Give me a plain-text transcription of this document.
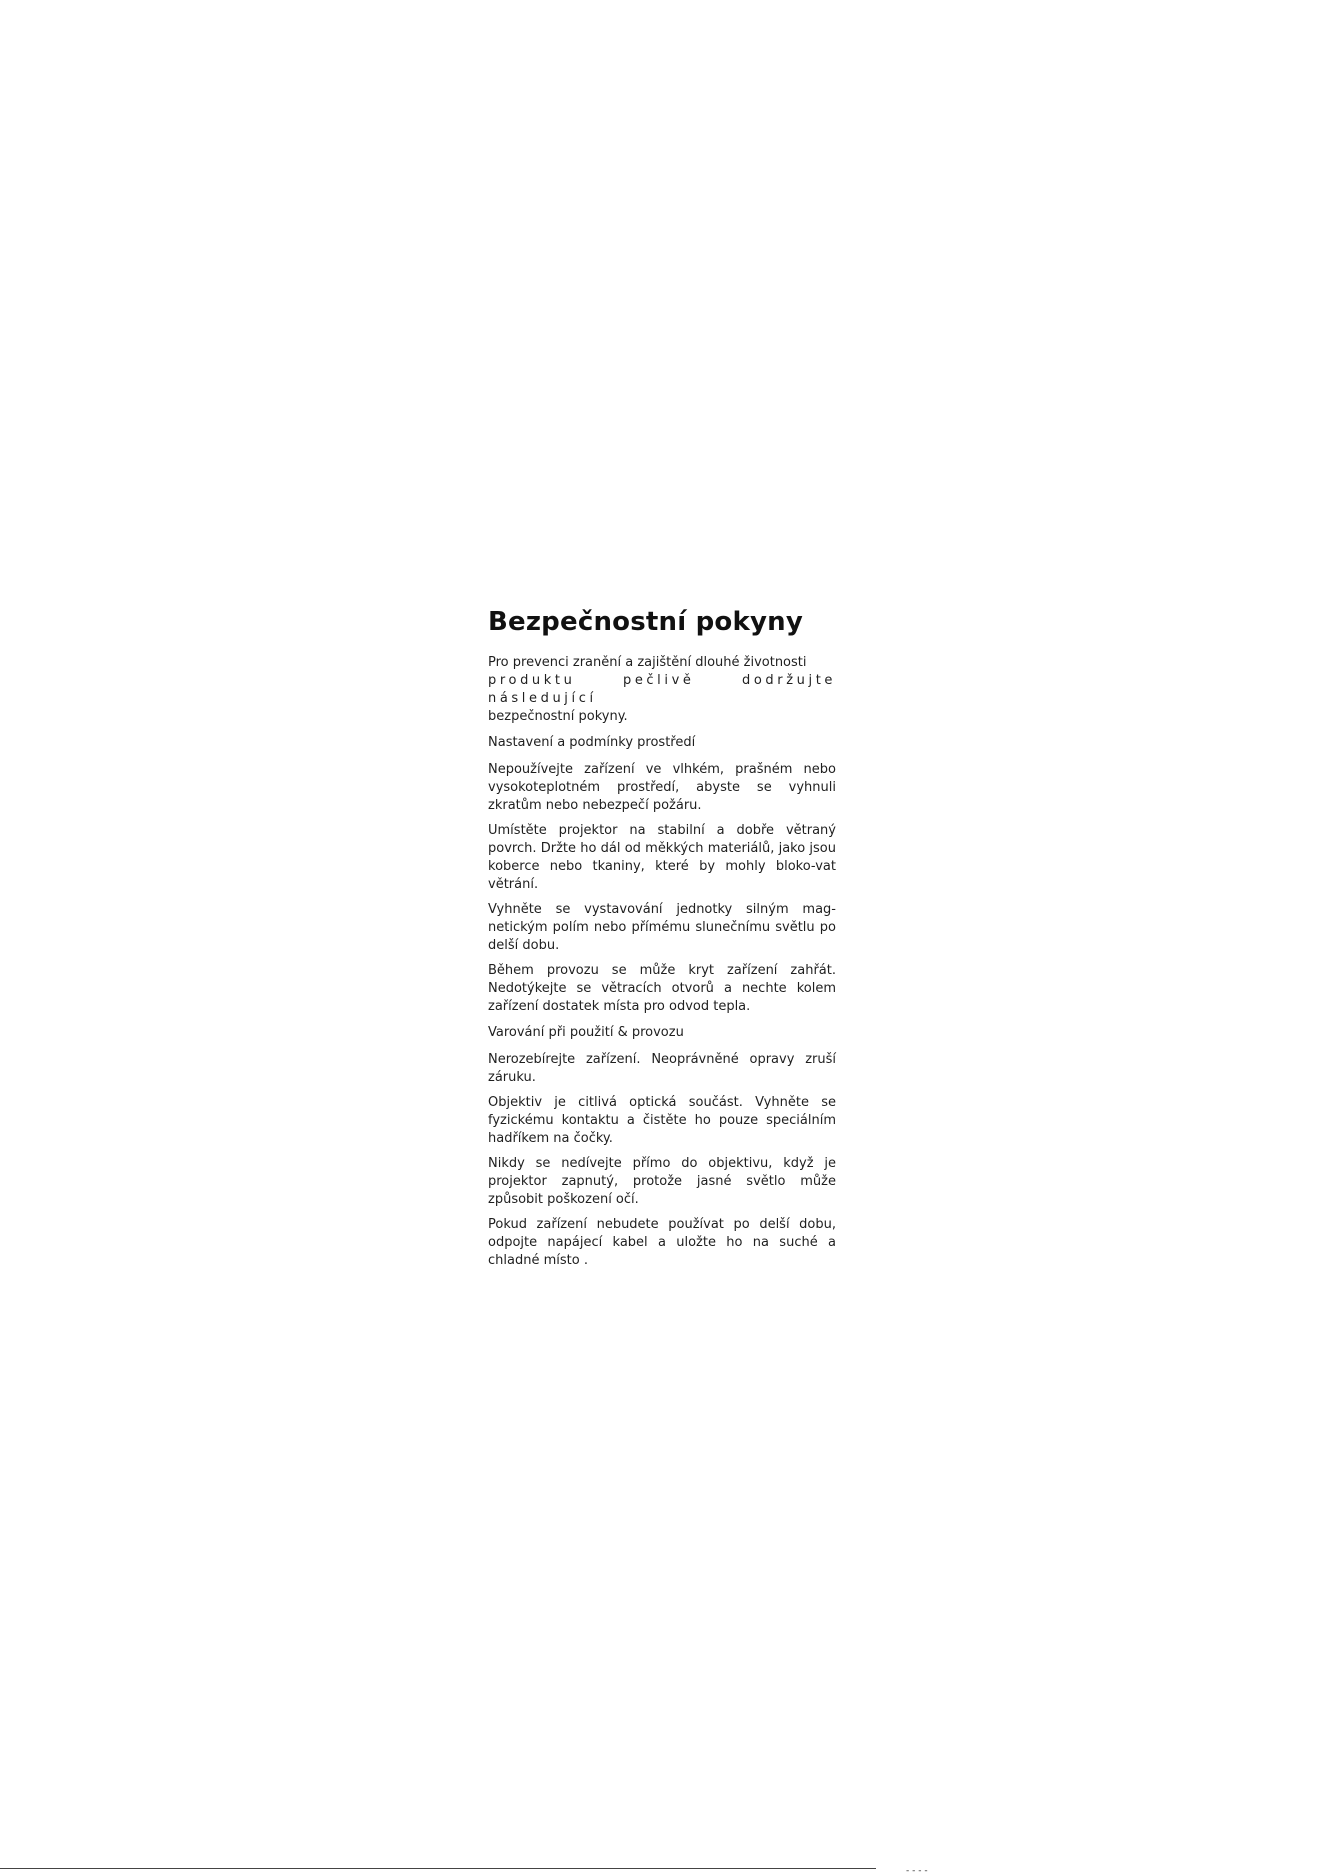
Bezpečnostní pokyny
Pro prevenci zranění a zajištění dlouhé životnosti
produktu pečlivě dodržujte následující
bezpečnostní pokyny.

Nastavení a podmínky prostředí

Nepoužívejte zařízení ve vlhkém, prašném nebo vysokoteplotném prostředí, abyste se vyhnuli zkratům nebo nebezpečí požáru.

Umístěte projektor na stabilní a dobře větraný povrch. Držte ho dál od měkkých materiálů, jako jsou koberce nebo tkaniny, které by mohly bloko-vat větrání.

Vyhněte se vystavování jednotky silným mag-netickým polím nebo přímému slunečnímu světlu po delší dobu.

Během provozu se může kryt zařízení zahřát. Nedotýkejte se větracích otvorů a nechte kolem zařízení dostatek místa pro odvod tepla.

Varování při použití & provozu

Nerozebírejte zařízení. Neoprávněné opravy zruší záruku.

Objektiv je citlivá optická součást. Vyhněte se fyzickému kontaktu a čistěte ho pouze speciálním hadříkem na čočky.

Nikdy se nedívejte přímo do objektivu, když je projektor zapnutý, protože jasné světlo může způsobit poškození očí.

Pokud zařízení nebudete používat po delší dobu, odpojte napájecí kabel a uložte ho na suché a chladné místo .

- - - -
